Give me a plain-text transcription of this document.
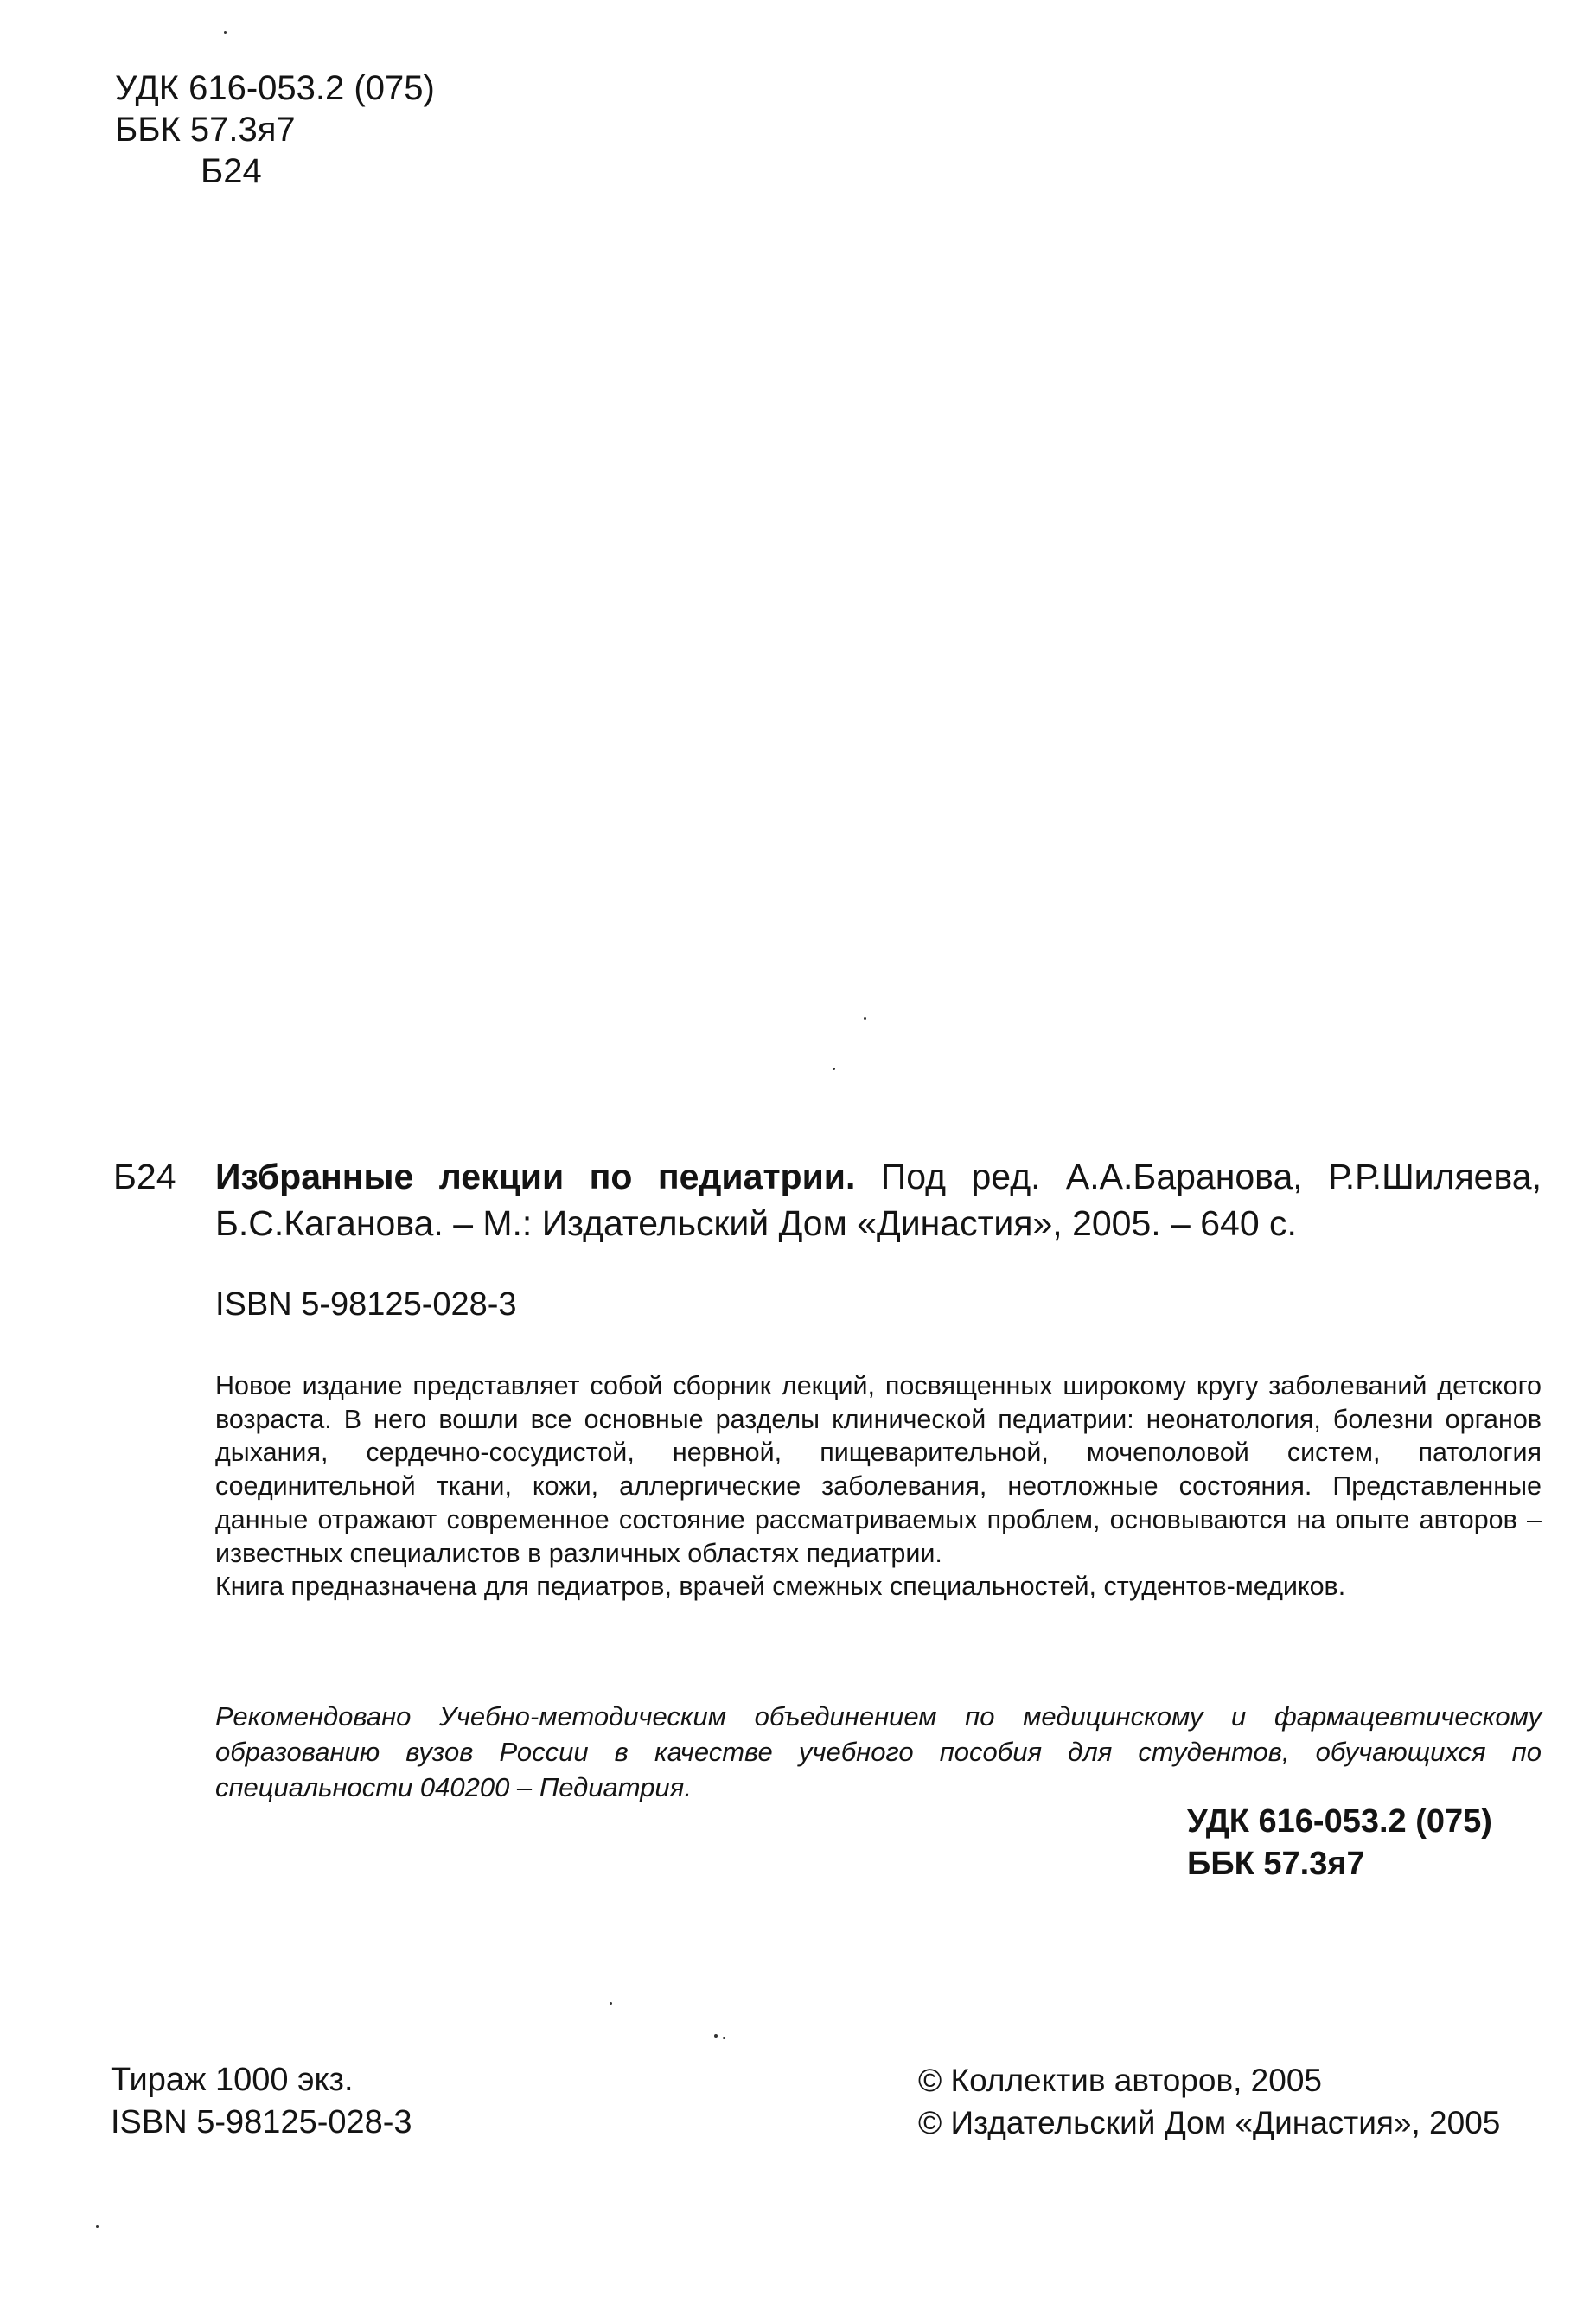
УДК 616-053.2 (075)
ББК 57.3я7
Б24
Б24 Избранные лекции по педиатрии. Под ред. А.А.Баранова, Р.Р.Шиляева, Б.С.Каганова. – М.: Издательский Дом «Династия», 2005. – 640 с.
ISBN 5-98125-028-3

Новое издание представляет собой сборник лекций, посвященных широкому кругу заболеваний детского возраста. В него вошли все основные разделы клинической педиатрии: неонатология, болезни органов дыхания, сердечно-сосудистой, нервной, пищеварительной, мочеполовой систем, патология соединительной ткани, кожи, аллергические заболевания, неотложные состояния. Представленные данные отражают современное состояние рассматриваемых проблем, основываются на опыте авторов – известных специалистов в различных областях педиатрии.

Книга предназначена для педиатров, врачей смежных специальностей, студентов-медиков.

Рекомендовано Учебно-методическим объединением по медицинскому и фармацевтическому образованию вузов России в качестве учебного пособия для студентов, обучающихся по специальности 040200 – Педиатрия.
УДК 616-053.2 (075)
ББК 57.3я7
Тираж 1000 экз.
ISBN 5-98125-028-3
© Коллектив авторов, 2005
© Издательский Дом «Династия», 2005
